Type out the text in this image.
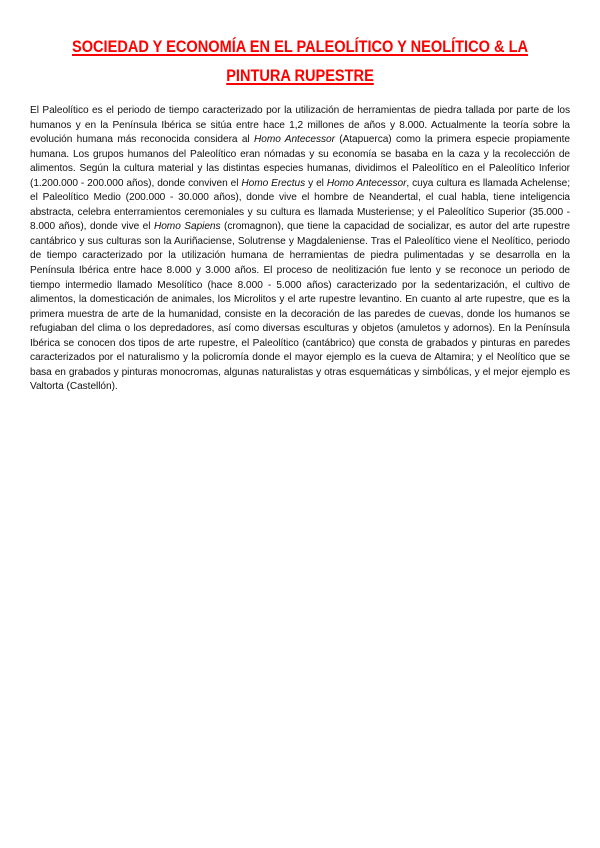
SOCIEDAD Y ECONOMÍA EN EL PALEOLÍTICO Y NEOLÍTICO & LA PINTURA RUPESTRE

El Paleolítico es el periodo de tiempo caracterizado por la utilización de herramientas de piedra tallada por parte de los humanos y en la Península Ibérica se sitúa entre hace 1,2 millones de años y 8.000. Actualmente la teoría sobre la evolución humana más reconocida considera al Homo Antecessor (Atapuerca) como la primera especie propiamente humana. Los grupos humanos del Paleolítico eran nómadas y su economía se basaba en la caza y la recolección de alimentos. Según la cultura material y las distintas especies humanas, dividimos el Paleolítico en el Paleolítico Inferior (1.200.000 - 200.000 años), donde conviven el Homo Erectus y el Homo Antecessor, cuya cultura es llamada Achelense; el Paleolítico Medio (200.000 - 30.000 años), donde vive el hombre de Neandertal, el cual habla, tiene inteligencia abstracta, celebra enterramientos ceremoniales y su cultura es llamada Musteriense; y el Paleolítico Superior (35.000 - 8.000 años), donde vive el Homo Sapiens (cromagnon), que tiene la capacidad de socializar, es autor del arte rupestre cantábrico y sus culturas son la Auriñaciense, Solutrense y Magdaleniense. Tras el Paleolítico viene el Neolítico, periodo de tiempo caracterizado por la utilización humana de herramientas de piedra pulimentadas y se desarrolla en la Península Ibérica entre hace 8.000 y 3.000 años. El proceso de neolitización fue lento y se reconoce un periodo de tiempo intermedio llamado Mesolítico (hace 8.000 - 5.000 años) caracterizado por la sedentarización, el cultivo de alimentos, la domesticación de animales, los Microlitos y el arte rupestre levantino. En cuanto al arte rupestre, que es la primera muestra de arte de la humanidad, consiste en la decoración de las paredes de cuevas, donde los humanos se refugiaban del clima o los depredadores, así como diversas esculturas y objetos (amuletos y adornos). En la Península Ibérica se conocen dos tipos de arte rupestre, el Paleolítico (cantábrico) que consta de grabados y pinturas en paredes caracterizados por el naturalismo y la policromía donde el mayor ejemplo es la cueva de Altamira; y el Neolítico que se basa en grabados y pinturas monocromas, algunas naturalistas y otras esquemáticas y simbólicas, y el mejor ejemplo es Valtorta (Castellón).
